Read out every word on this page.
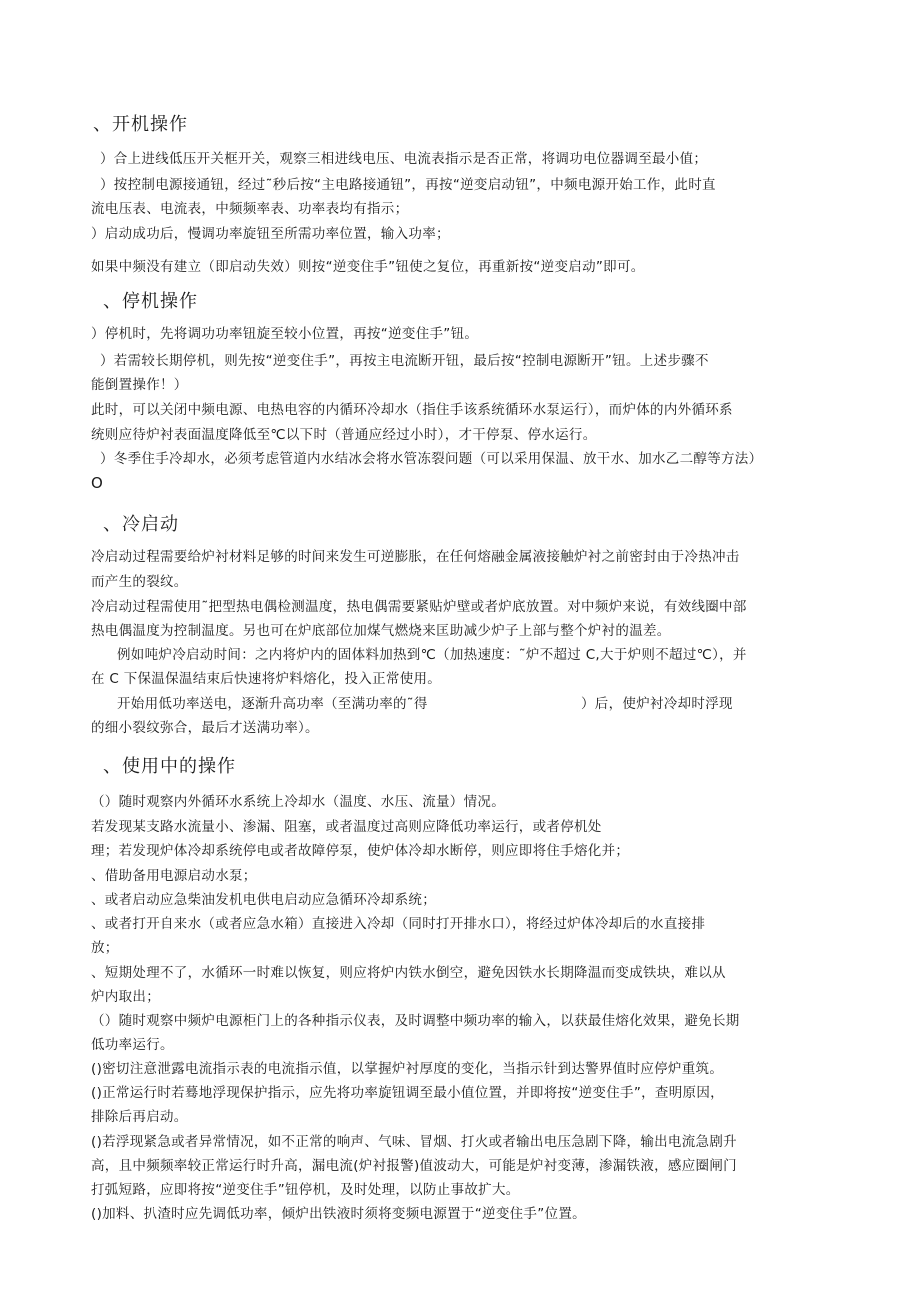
、开机操作
）合上进线低压开关框开关，观察三相进线电压、电流表指示是否正常，将调功电位器调至最小值；
）按控制电源接通钮，经过˜秒后按“主电路接通钮”，再按“逆变启动钮”，中频电源开始工作，此时直
流电压表、电流表，中频频率表、功率表均有指示；
）启动成功后，慢调功率旋钮至所需功率位置，输入功率；
如果中频没有建立（即启动失效）则按“逆变住手”钮使之复位，再重新按“逆变启动”即可。
、停机操作
）停机时，先将调功功率钮旋至较小位置，再按“逆变住手”钮。
）若需较长期停机，则先按“逆变住手”，再按主电流断开钮，最后按“控制电源断开”钮。上述步骤不
能倒置操作！）
此时，可以关闭中频电源、电热电容的内循环冷却水（指住手该系统循环水泵运行），而炉体的内外循环系
统则应待炉衬表面温度降低至℃以下时（普通应经过小时），才干停泵、停水运行。
）冬季住手冷却水，必须考虑管道内水结冰会将水管冻裂问题（可以采用保温、放干水、加水乙二醇等方法）
O
、冷启动
冷启动过程需要给炉衬材料足够的时间来发生可逆膨胀，在任何熔融金属液接触炉衬之前密封由于冷热冲击
而产生的裂纹。
冷启动过程需使用˜把型热电偶检测温度，热电偶需要紧贴炉壁或者炉底放置。对中频炉来说，有效线圈中部
热电偶温度为控制温度。另也可在炉底部位加煤气燃烧来匡助减少炉子上部与整个炉衬的温差。
例如吨炉冷启动时间：之内将炉内的固体料加热到℃（加热速度：˜炉不超过 C,大于炉则不超过℃），并
在 C 下保温保温结束后快速将炉料熔化，投入正常使用。
开始用低功率送电，逐渐升高功率（至满功率的˜得	）后，使炉衬冷却时浮现
的细小裂纹弥合，最后才送满功率）。
、使用中的操作
（）随时观察内外循环水系统上冷却水（温度、水压、流量）情况。
若发现某支路水流量小、渗漏、阻塞，或者温度过高则应降低功率运行，或者停机处
理；若发现炉体冷却系统停电或者故障停泵，使炉体冷却水断停，则应即将住手熔化并；
、借助备用电源启动水泵；
、或者启动应急柴油发机电供电启动应急循环冷却系统；
、或者打开自来水（或者应急水箱）直接进入冷却（同时打开排水口），将经过炉体冷却后的水直接排
放；
、短期处理不了，水循环一时难以恢复，则应将炉内铁水倒空，避免因铁水长期降温而变成铁块，难以从
炉内取出；
（）随时观察中频炉电源柜门上的各种指示仪表，及时调整中频功率的输入，以获最佳熔化效果，避免长期
低功率运行。
()密切注意泄露电流指示表的电流指示值，以掌握炉衬厚度的变化，当指示针到达警界值时应停炉重筑。
()正常运行时若蓦地浮现保护指示，应先将功率旋钮调至最小值位置，并即将按“逆变住手”，查明原因，
排除后再启动。
()若浮现紧急或者异常情况，如不正常的响声、气味、冒烟、打火或者输出电压急剧下降，输出电流急剧升
高，且中频频率较正常运行时升高，漏电流(炉衬报警)值波动大，可能是炉衬变薄，渗漏铁液，感应圈闸门
打弧短路，应即将按“逆变住手”钮停机，及时处理，以防止事故扩大。
()加料、扒渣时应先调低功率，倾炉出铁液时须将变频电源置于“逆变住手”位置。
